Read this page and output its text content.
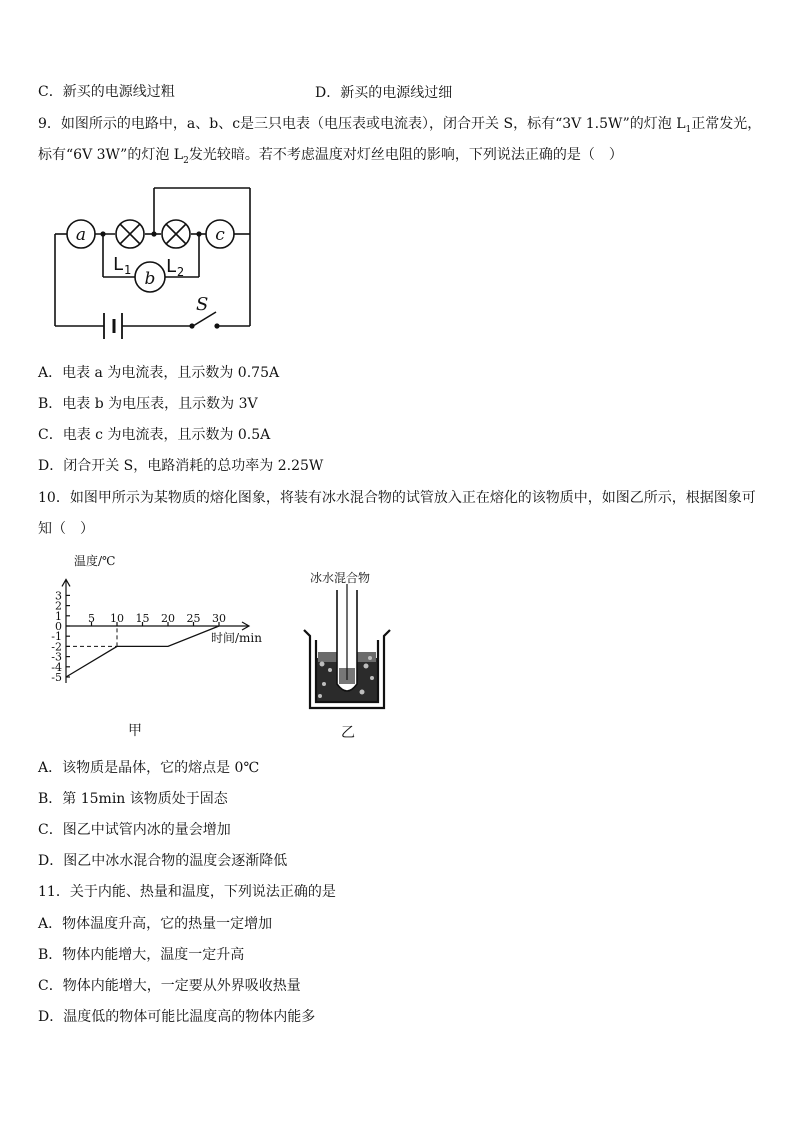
C．新买的电源线过粗	D．新买的电源线过细
9．如图所示的电路中，a、b、c是三只电表（电压表或电流表），闭合开关 S，标有“3V 1.5W”的灯泡 $L_1$正常发光，
标有“6V 3W”的灯泡 $L_2$发光较暗。若不考虑温度对灯丝电阻的影响，下列说法正确的是（　）
a	c
b
$L_1$ $L_2$
S
A．电表 a 为电流表，且示数为 0.75A
B．电表 b 为电压表，且示数为 3V
C．电表 c 为电流表，且示数为 0.5A
D．闭合开关 S，电路消耗的总功率为 2.25W
10．如图甲所示为某物质的熔化图象，将装有冰水混合物的试管放入正在熔化的该物质中，如图乙所示，根据图象可
知（　）
3
2
1
0
-1
-2
-3
-4
-5
5 10 15 20 25 30
温度/℃
时间/min
甲
冰水混合物
乙
A．该物质是晶体，它的熔点是 0℃
B．第 15min 该物质处于固态
C．图乙中试管内冰的量会增加
D．图乙中冰水混合物的温度会逐渐降低
11．关于内能、热量和温度，下列说法正确的是
A．物体温度升高，它的热量一定增加
B．物体内能增大，温度一定升高
C．物体内能增大，一定要从外界吸收热量
D．温度低的物体可能比温度高的物体内能多
